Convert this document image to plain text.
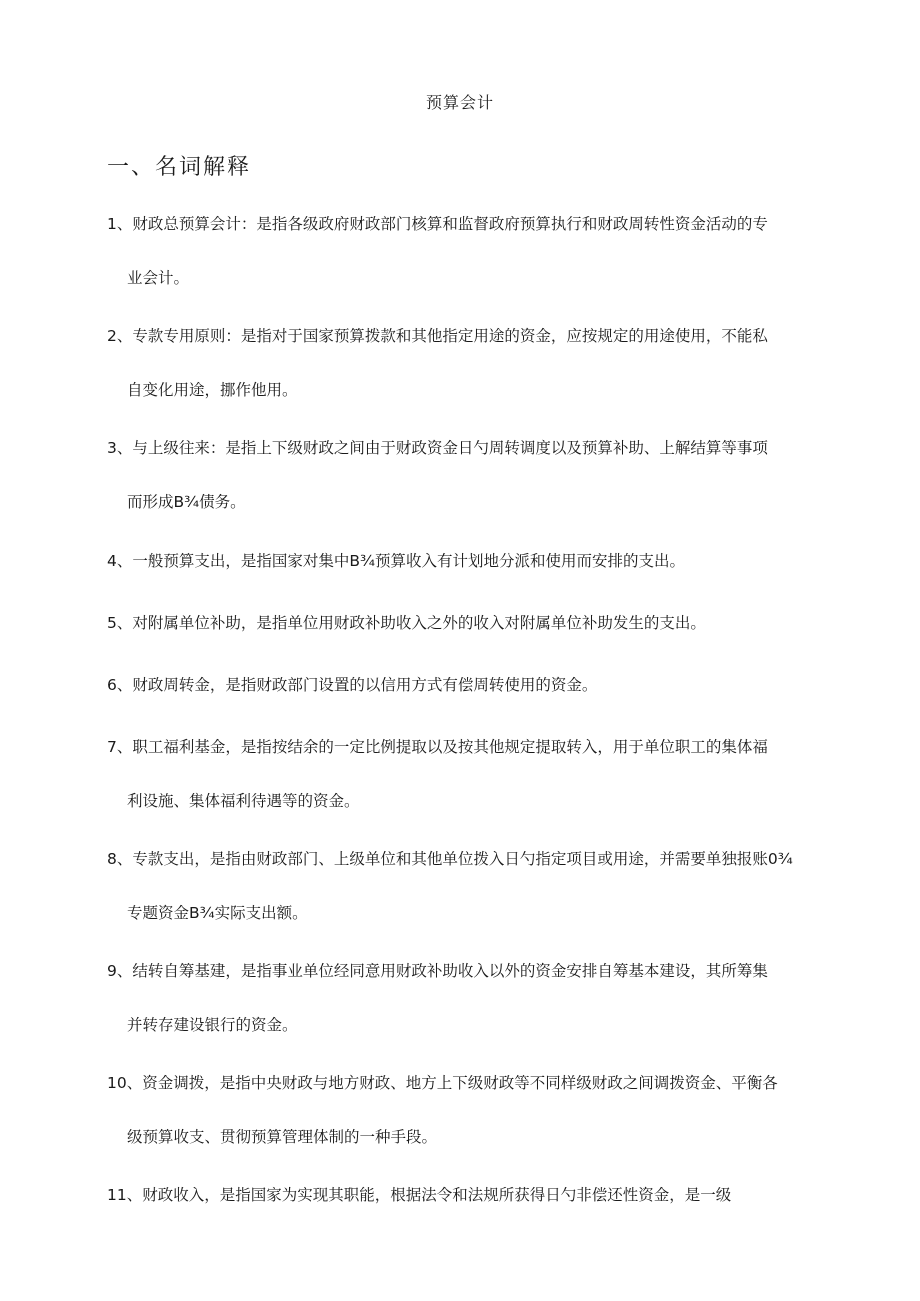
预算会计
一、名词解释
1、财政总预算会计：是指各级政府财政部门核算和监督政府预算执行和财政周转性资金活动的专
业会计。
2、专款专用原则：是指对于国家预算拨款和其他指定用途的资金，应按规定的用途使用，不能私
自变化用途，挪作他用。
3、与上级往来：是指上下级财政之间由于财政资金日勺周转调度以及预算补助、上解结算等事项
而形成B¾债务。
4、一般预算支出，是指国家对集中B¾预算收入有计划地分派和使用而安排的支出。
5、对附属单位补助，是指单位用财政补助收入之外的收入对附属单位补助发生的支出。
6、财政周转金，是指财政部门设置的以信用方式有偿周转使用的资金。
7、职工福利基金，是指按结余的一定比例提取以及按其他规定提取转入，用于单位职工的集体福
利设施、集体福利待遇等的资金。
8、专款支出，是指由财政部门、上级单位和其他单位拨入日勺指定项目或用途，并需要单独报账0¾
专题资金B¾实际支出额。
9、结转自筹基建，是指事业单位经同意用财政补助收入以外的资金安排自筹基本建设，其所筹集
并转存建设银行的资金。
10、资金调拨，是指中央财政与地方财政、地方上下级财政等不同样级财政之间调拨资金、平衡各
级预算收支、贯彻预算管理体制的一种手段。
11、财政收入，是指国家为实现其职能，根据法令和法规所获得日勺非偿还性资金，是一级
